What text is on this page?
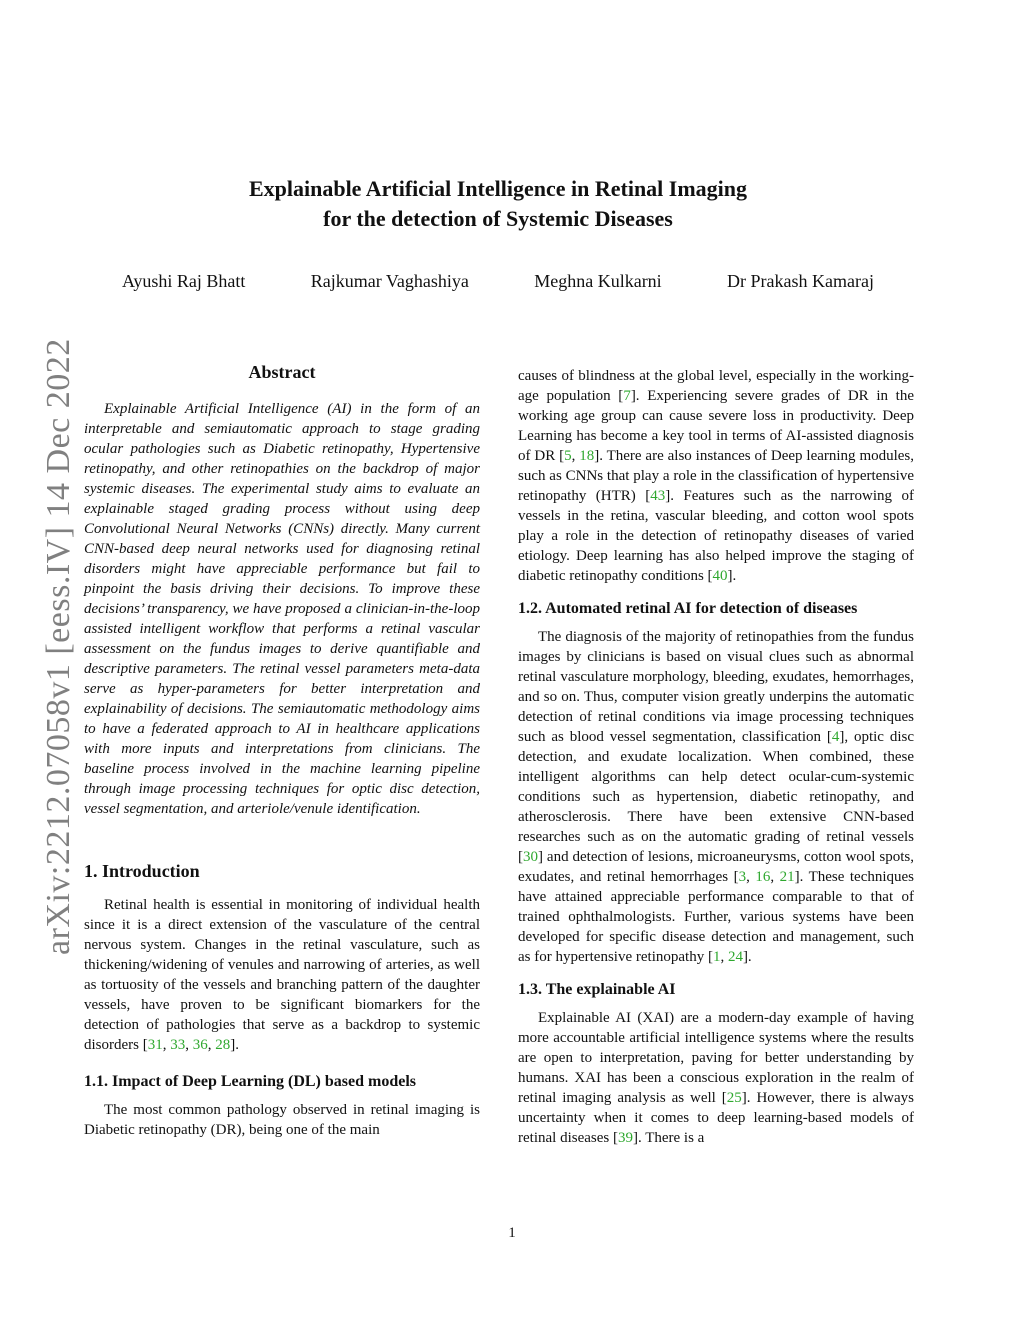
arXiv:2212.07058v1 [eess.IV] 14 Dec 2022
Explainable Artificial Intelligence in Retinal Imaging
for the detection of Systemic Diseases
Ayushi Raj Bhatt	Rajkumar Vaghashiya	Meghna Kulkarni	Dr Prakash Kamaraj
Abstract

Explainable Artificial Intelligence (AI) in the form of an interpretable and semiautomatic approach to stage grading ocular pathologies such as Diabetic retinopathy, Hypertensive retinopathy, and other retinopathies on the backdrop of major systemic diseases. The experimental study aims to evaluate an explainable staged grading process without using deep Convolutional Neural Networks (CNNs) directly. Many current CNN-based deep neural networks used for diagnosing retinal disorders might have appreciable performance but fail to pinpoint the basis driving their decisions. To improve these decisions’ transparency, we have proposed a clinician-in-the-loop assisted intelligent workflow that performs a retinal vascular assessment on the fundus images to derive quantifiable and descriptive parameters. The retinal vessel parameters meta-data serve as hyper-parameters for better interpretation and explainability of decisions. The semiautomatic methodology aims to have a federated approach to AI in healthcare applications with more inputs and interpretations from clinicians. The baseline process involved in the machine learning pipeline through image processing techniques for optic disc detection, vessel segmentation, and arteriole/venule identification.

1. Introduction

Retinal health is essential in monitoring of individual health since it is a direct extension of the vasculature of the central nervous system. Changes in the retinal vasculature, such as thickening/widening of venules and narrowing of arteries, as well as tortuosity of the vessels and branching pattern of the daughter vessels, have proven to be significant biomarkers for the detection of pathologies that serve as a backdrop to systemic disorders [31, 33, 36, 28].

1.1. Impact of Deep Learning (DL) based models

The most common pathology observed in retinal imaging is Diabetic retinopathy (DR), being one of the main

causes of blindness at the global level, especially in the working-age population [7]. Experiencing severe grades of DR in the working age group can cause severe loss in productivity. Deep Learning has become a key tool in terms of AI-assisted diagnosis of DR [5, 18]. There are also instances of Deep learning modules, such as CNNs that play a role in the classification of hypertensive retinopathy (HTR) [43]. Features such as the narrowing of vessels in the retina, vascular bleeding, and cotton wool spots play a role in the detection of retinopathy diseases of varied etiology. Deep learning has also helped improve the staging of diabetic retinopathy conditions [40].

1.2. Automated retinal AI for detection of diseases

The diagnosis of the majority of retinopathies from the fundus images by clinicians is based on visual clues such as abnormal retinal vasculature morphology, bleeding, exudates, hemorrhages, and so on. Thus, computer vision greatly underpins the automatic detection of retinal conditions via image processing techniques such as blood vessel segmentation, classification [4], optic disc detection, and exudate localization. When combined, these intelligent algorithms can help detect ocular-cum-systemic conditions such as hypertension, diabetic retinopathy, and atherosclerosis. There have been extensive CNN-based researches such as on the automatic grading of retinal vessels [30] and detection of lesions, microaneurysms, cotton wool spots, exudates, and retinal hemorrhages [3, 16, 21]. These techniques have attained appreciable performance comparable to that of trained ophthalmologists. Further, various systems have been developed for specific disease detection and management, such as for hypertensive retinopathy [1, 24].

1.3. The explainable AI

Explainable AI (XAI) are a modern-day example of having more accountable artificial intelligence systems where the results are open to interpretation, paving for better understanding by humans. XAI has been a conscious exploration in the realm of retinal imaging analysis as well [25]. However, there is always uncertainty when it comes to deep learning-based models of retinal diseases [39]. There is a

1
